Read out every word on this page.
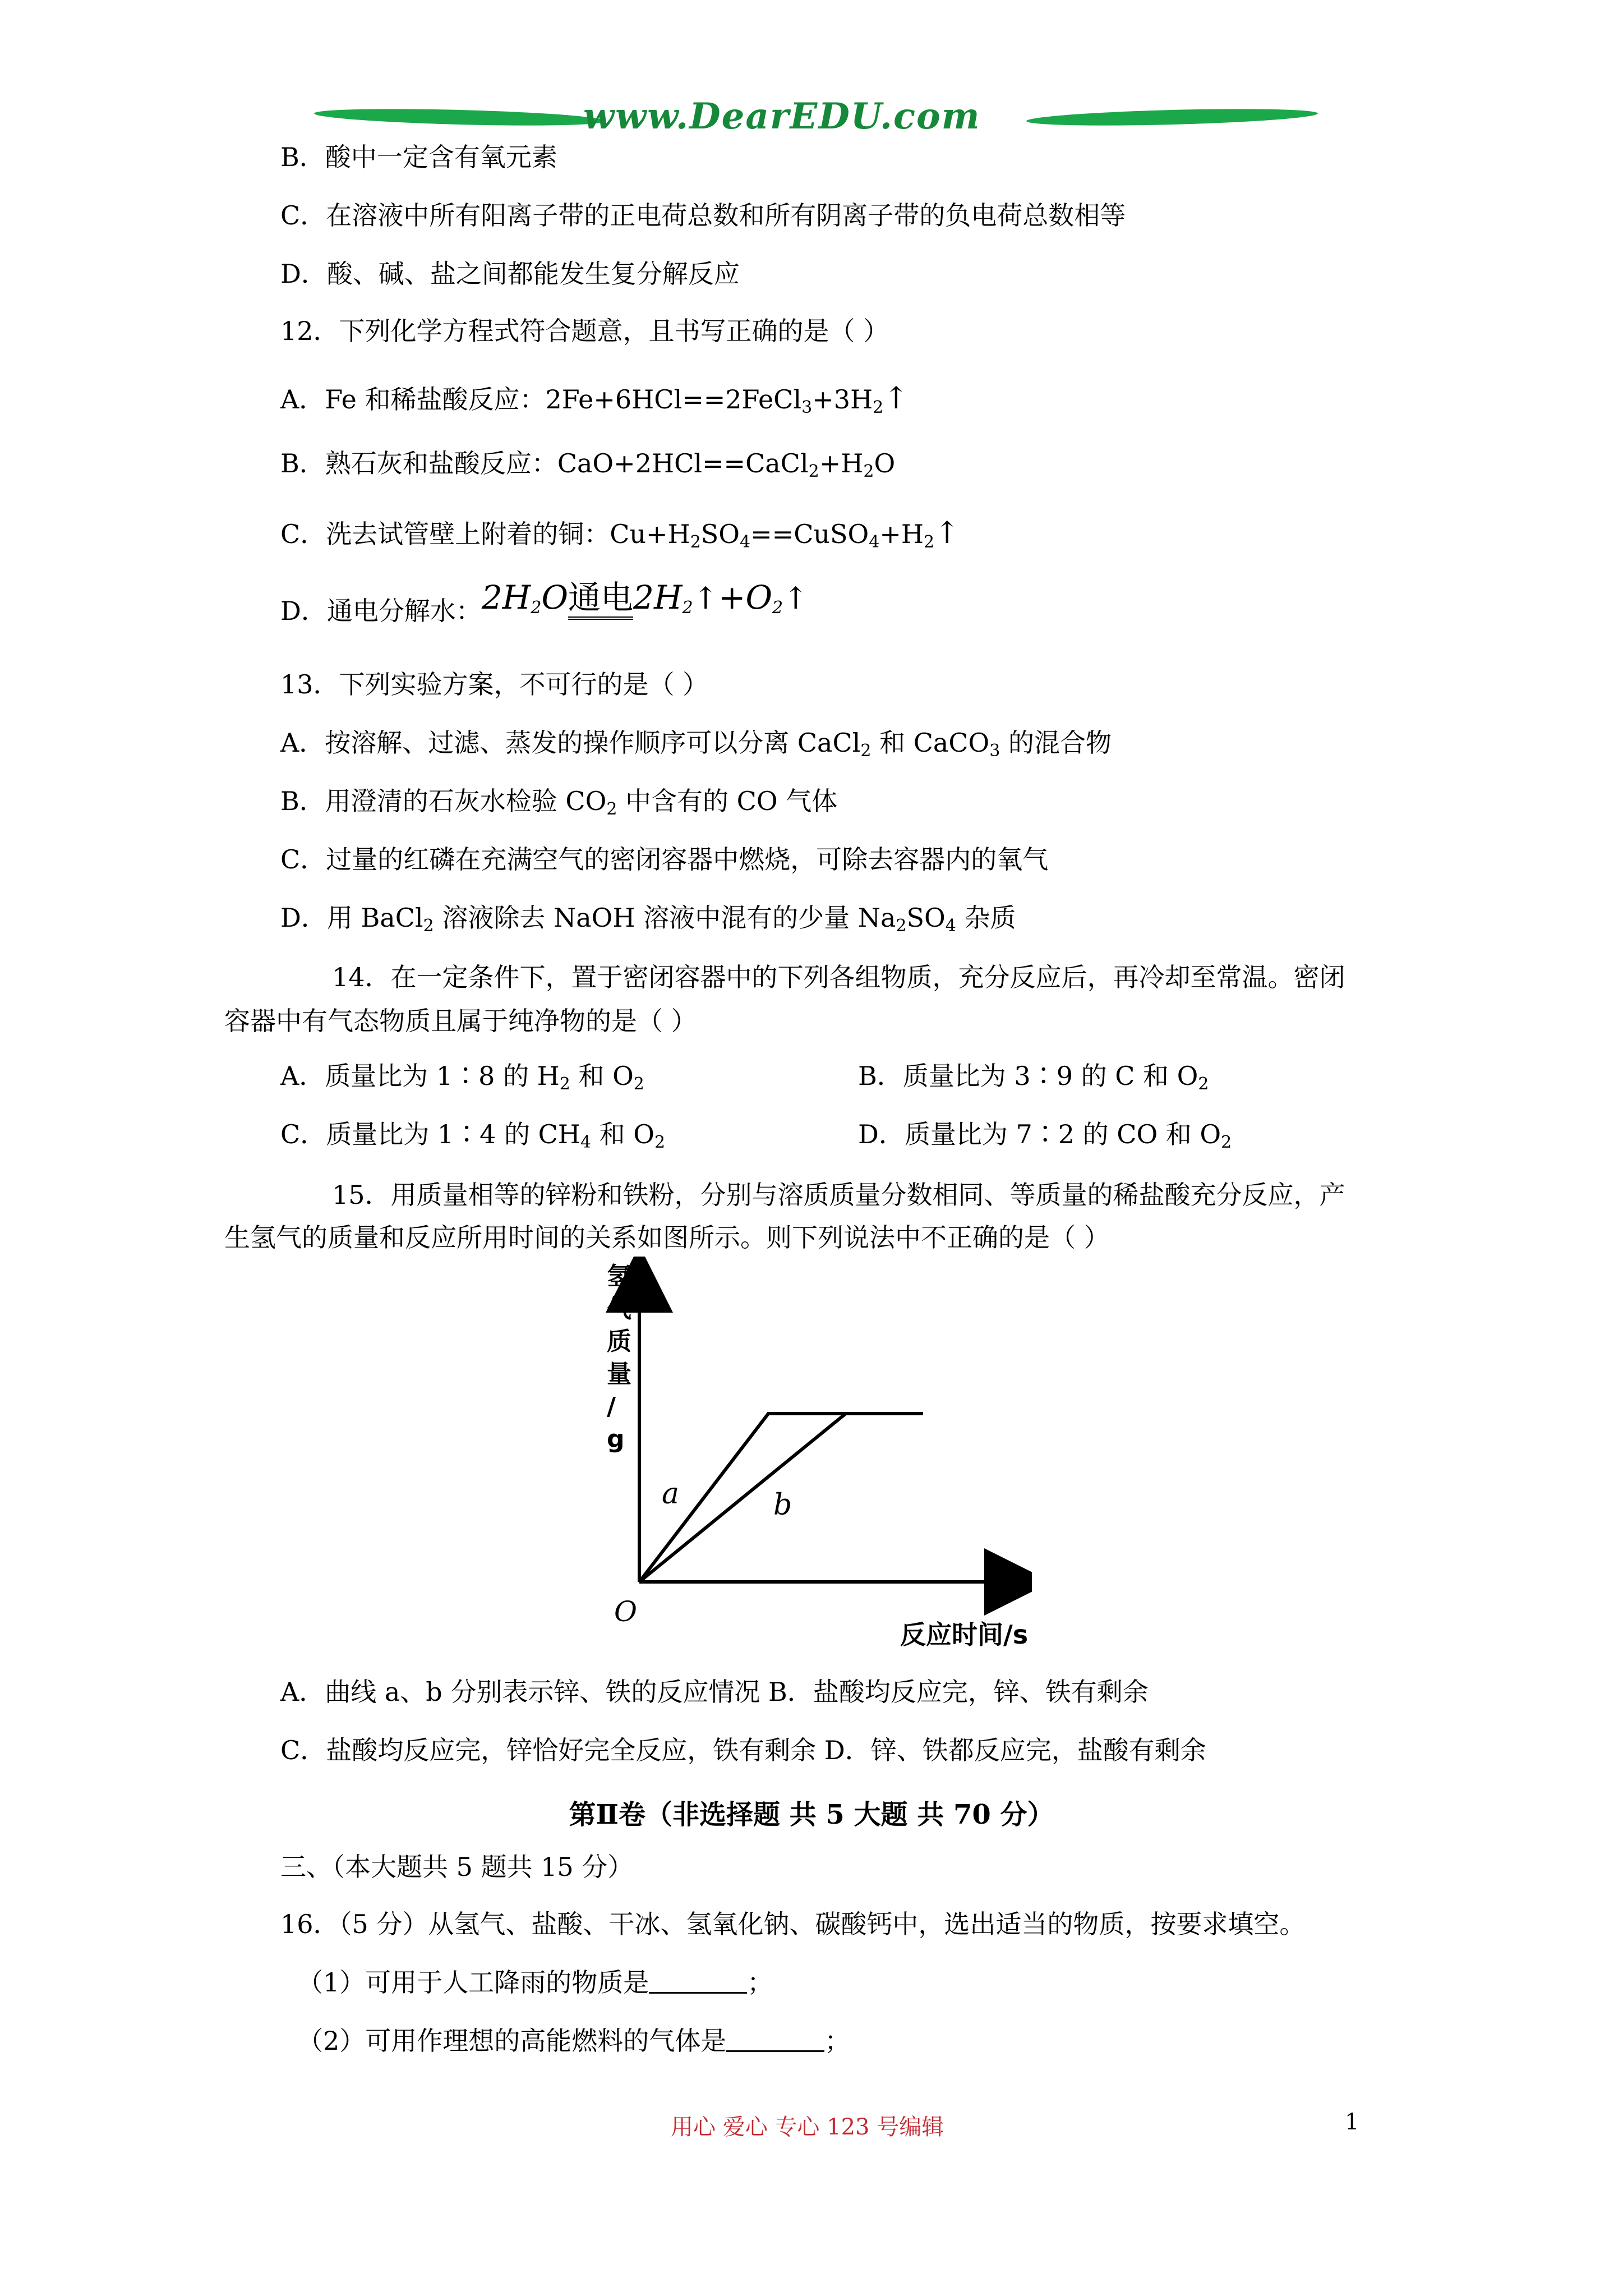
www.DearEDU.com
B．酸中一定含有氧元素
C．在溶液中所有阳离子带的正电荷总数和所有阴离子带的负电荷总数相等
D．酸、碱、盐之间都能发生复分解反应
12．下列化学方程式符合题意，且书写正确的是（ ）
A．Fe 和稀盐酸反应：$2Fe+6HCl==2FeCl_3+3H_2↑$
B．熟石灰和盐酸反应：$CaO+2HCl==CaCl_2+H_2O$
C．洗去试管壁上附着的铜：$Cu+H_2SO_4==CuSO_4+H_2↑$
D．通电分解水：$2H_2O$通电$2H_2↑+O_2↑$
13．下列实验方案，不可行的是（ ）
A．按溶解、过滤、蒸发的操作顺序可以分离 CaCl$_2$ 和 CaCO$_3$ 的混合物
B．用澄清的石灰水检验 $CO_2$ 中含有的 CO 气体
C．过量的红磷在充满空气的密闭容器中燃烧，可除去容器内的氧气
D．用 BaCl$_2$ 溶液除去 NaOH 溶液中混有的少量 $Na_2SO_4$ 杂质
14．在一定条件下，置于密闭容器中的下列各组物质，充分反应后，再冷却至常温。密闭
容器中有气态物质且属于纯净物的是（ ）
A．质量比为 1∶8 的 $H_2$ 和 $O_2$	B．质量比为 3∶9 的 C 和 $O_2$
C．质量比为 1∶4 的 $CH_4$ 和 $O_2$	D．质量比为 7∶2 的 CO 和 $O_2$
15．用质量相等的锌粉和铁粉，分别与溶质质量分数相同、等质量的稀盐酸充分反应，产
生氢气的质量和反应所用时间的关系如图所示。则下列说法中不正确的是（ ）
a	b
氢气质量/ g
O
反应时间/s
A．曲线 a、b 分别表示锌、铁的反应情况 B．盐酸均反应完，锌、铁有剩余
C．盐酸均反应完，锌恰好完全反应，铁有剩余 D．锌、铁都反应完，盐酸有剩余
第Ⅱ卷（非选择题 共 5 大题 共 70 分）
三、（本大题共 5 题共 15 分）
16．（5 分）从氢气、盐酸、干冰、氢氧化钠、碳酸钙中，选出适当的物质，按要求填空。
（1）可用于人工降雨的物质是	；
（2）可用作理想的高能燃料的气体是	；
用心 爱心 专心 123 号编辑	1
